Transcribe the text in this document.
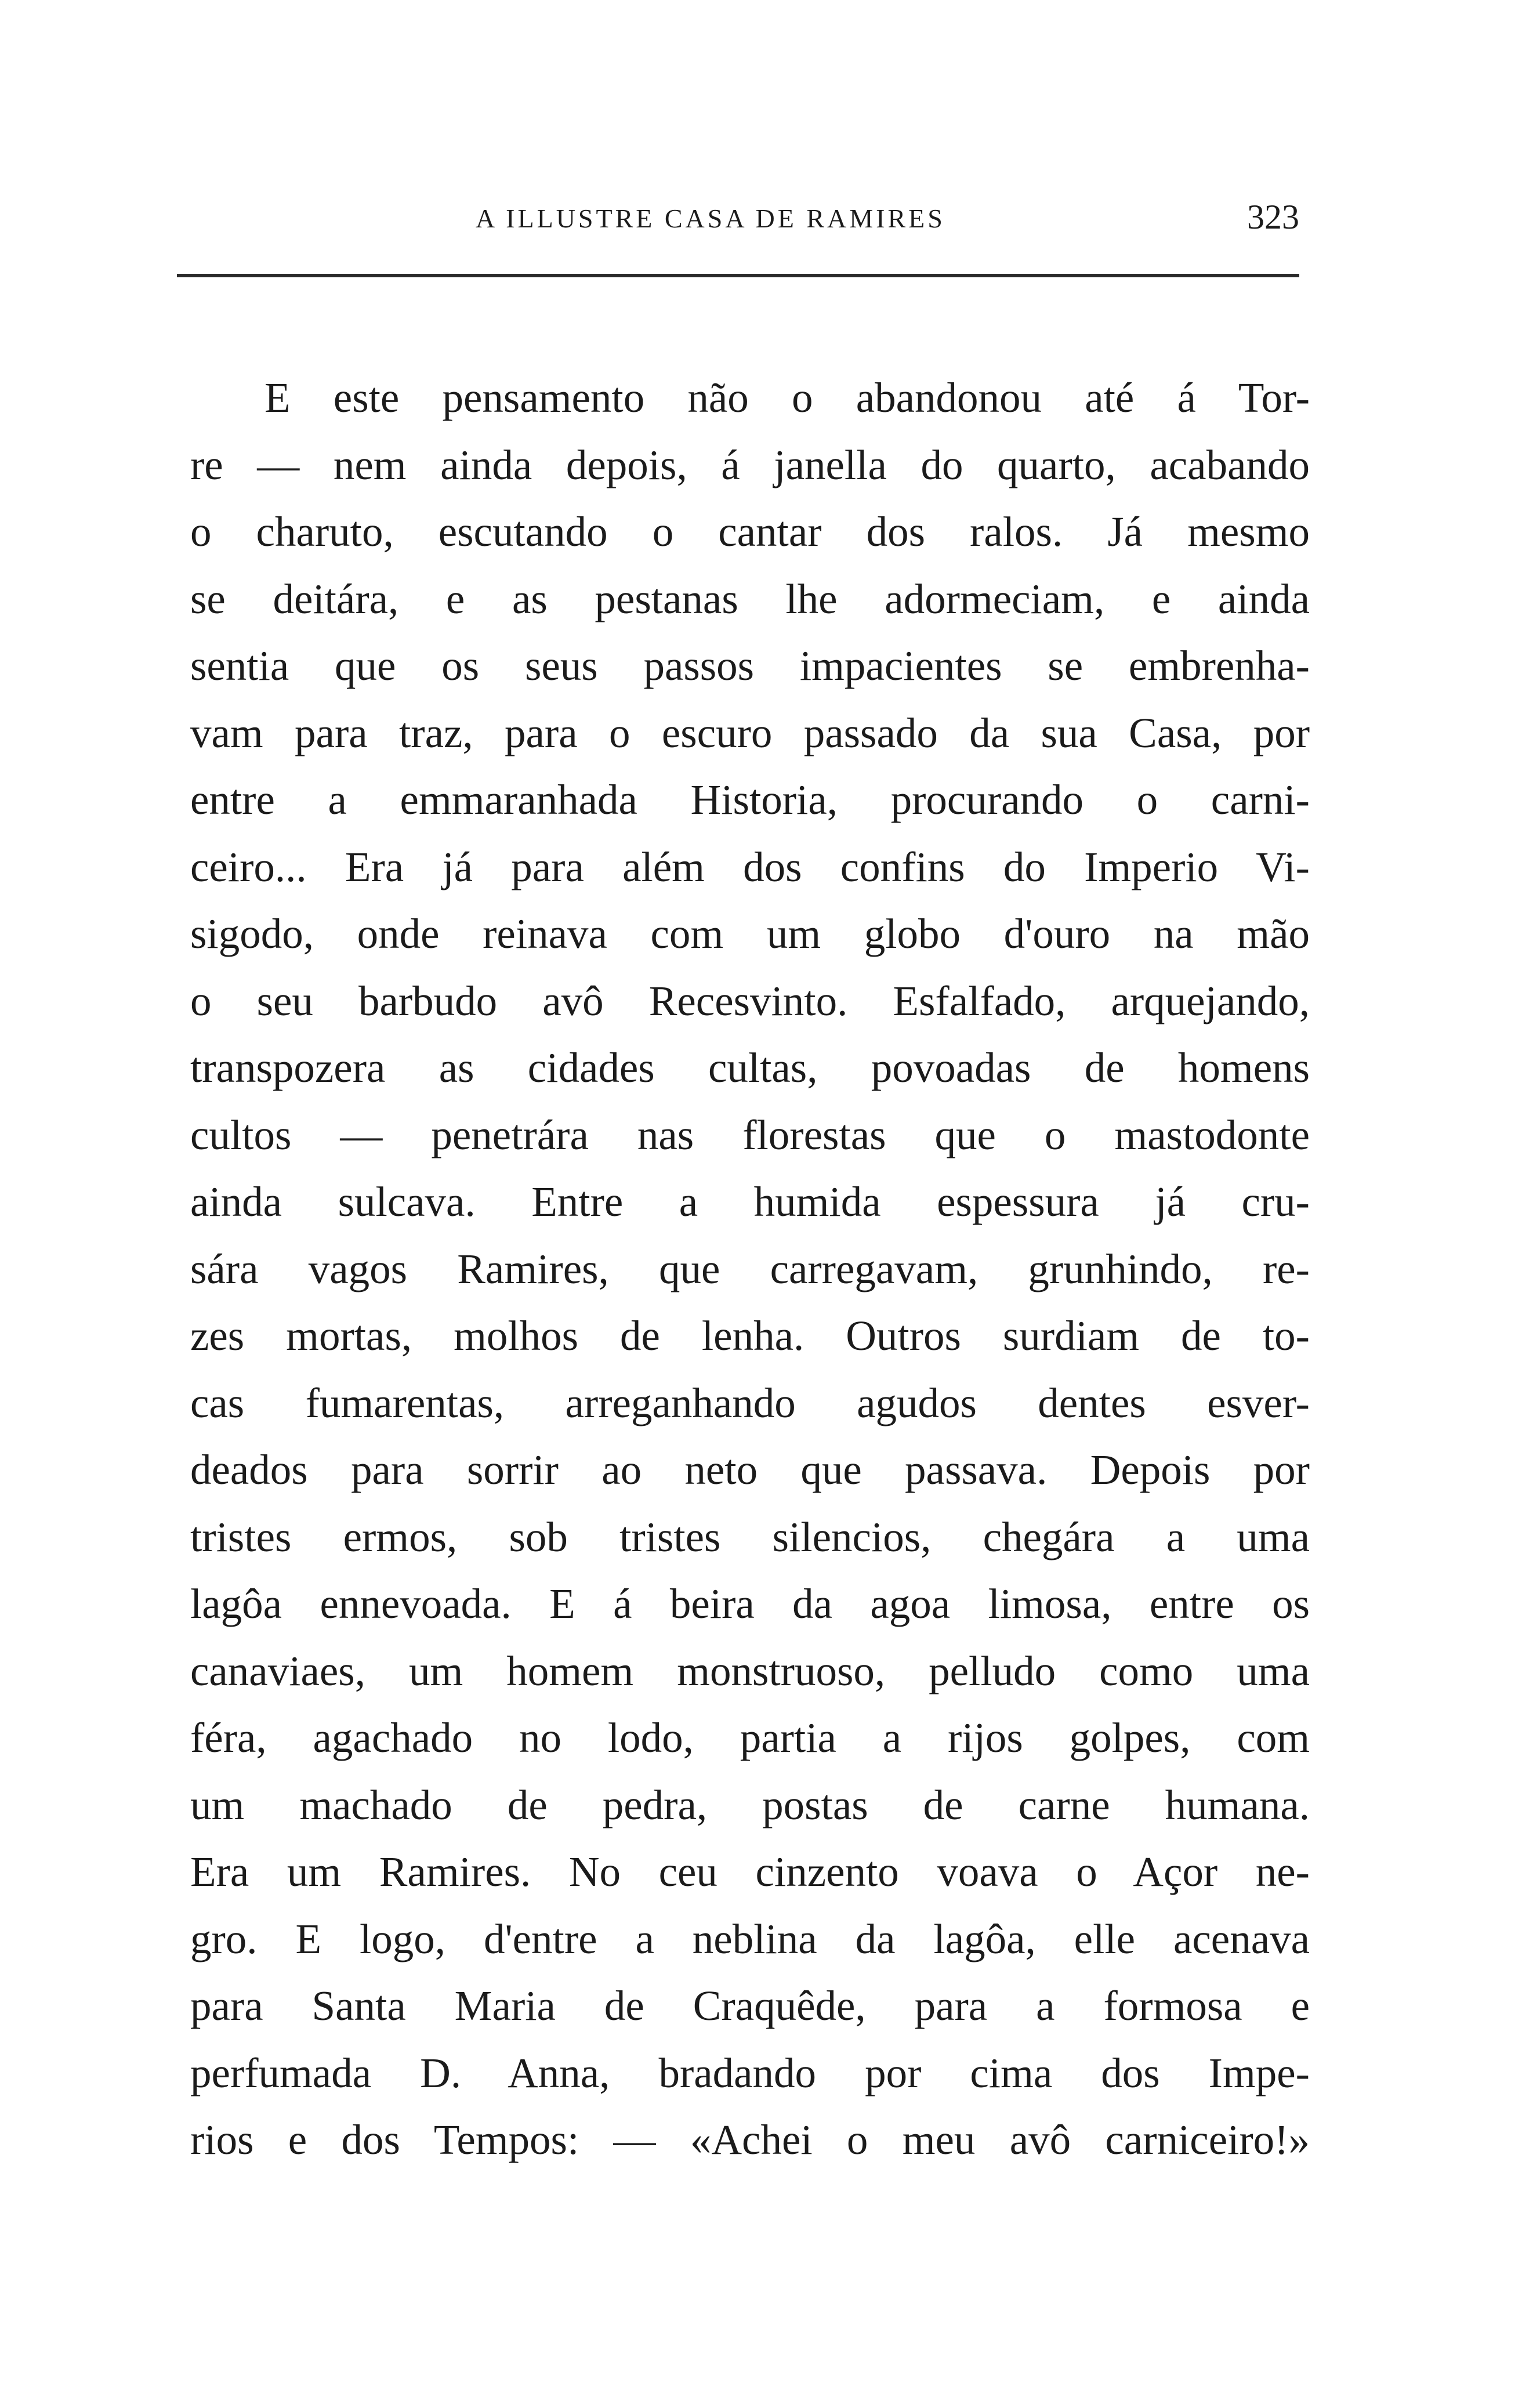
A ILLUSTRE CASA DE RAMIRES	323
E este pensamento não o abandonou até á Tor-
re — nem ainda depois, á janella do quarto, acabando
o charuto, escutando o cantar dos ralos. Já mesmo
se deitára, e as pestanas lhe adormeciam, e ainda
sentia que os seus passos impacientes se embrenha-
vam para traz, para o escuro passado da sua Casa, por
entre a emmaranhada Historia, procurando o carni-
ceiro... Era já para além dos confins do Imperio Vi-
sigodo, onde reinava com um globo d'ouro na mão
o seu barbudo avô Recesvinto. Esfalfado, arquejando,
transpozera as cidades cultas, povoadas de homens
cultos — penetrára nas florestas que o mastodonte
ainda sulcava. Entre a humida espessura já cru-
sára vagos Ramires, que carregavam, grunhindo, re-
zes mortas, molhos de lenha. Outros surdiam de to-
cas fumarentas, arreganhando agudos dentes esver-
deados para sorrir ao neto que passava. Depois por
tristes ermos, sob tristes silencios, chegára a uma
lagôa ennevoada. E á beira da agoa limosa, entre os
canaviaes, um homem monstruoso, pelludo como uma
féra, agachado no lodo, partia a rijos golpes, com
um machado de pedra, postas de carne humana.
Era um Ramires. No ceu cinzento voava o Açor ne-
gro. E logo, d'entre a neblina da lagôa, elle acenava
para Santa Maria de Craquêde, para a formosa e
perfumada D. Anna, bradando por cima dos Impe-
rios e dos Tempos: — «Achei o meu avô carniceiro!»
